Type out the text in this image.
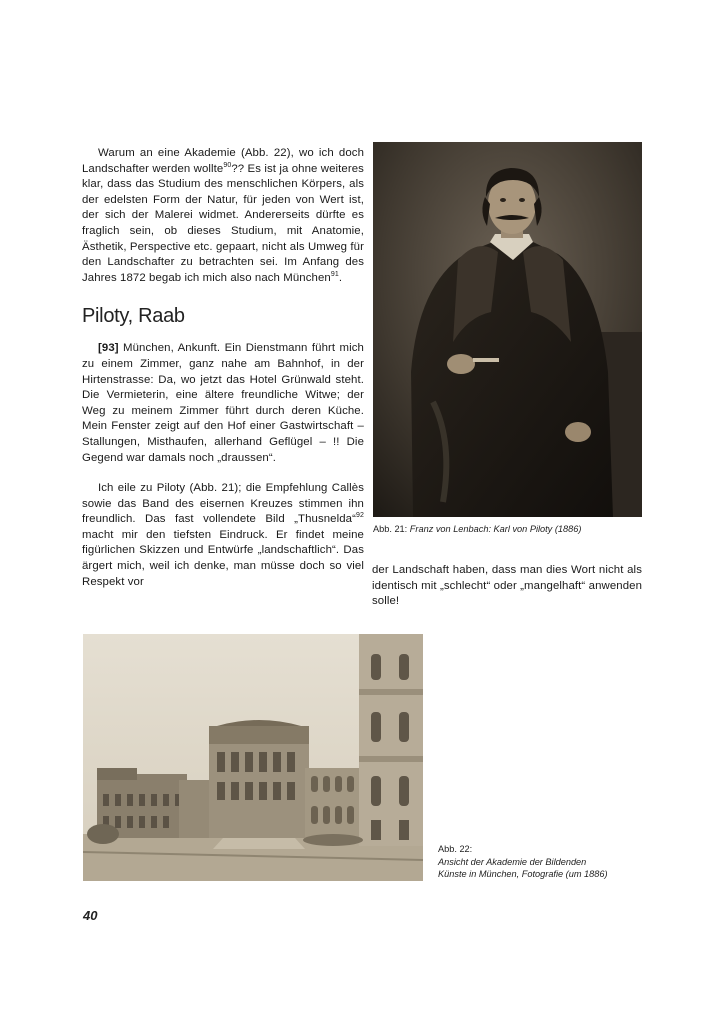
Warum an eine Akademie (Abb. 22), wo ich doch Landschafter werden wollte$^{90}$?? Es ist ja ohne weiteres klar, dass das Studium des menschlichen Körpers, als der edelsten Form der Natur, für jeden von Wert ist, der sich der Malerei widmet. Andererseits dürfte es fraglich sein, ob dieses Studium, mit Anatomie, Ästhetik, Perspective etc. gepaart, nicht als Umweg für den Landschafter zu betrachten sei. Im Anfang des Jahres 1872 begab ich mich also nach München$^{91}$.

Piloty, Raab

[93] München, Ankunft. Ein Dienstmann führt mich zu einem Zimmer, ganz nahe am Bahnhof, in der Hirtenstrasse: Da, wo jetzt das Hotel Grünwald steht. Die Vermieterin, eine ältere freundliche Witwe; der Weg zu meinem Zimmer führt durch deren Küche. Mein Fenster zeigt auf den Hof einer Gastwirtschaft – Stallungen, Misthaufen, allerhand Geflügel – !! Die Gegend war damals noch „draussen“.

Ich eile zu Piloty (Abb. 21); die Empfehlung Callès sowie das Band des eisernen Kreuzes stimmen ihn freundlich. Das fast vollendete Bild „Thusnelda“$^{92}$ macht mir den tiefsten Eindruck. Er findet meine figürlichen Skizzen und Entwürfe „landschaftlich“. Das ärgert mich, weil ich denke, man müsse doch so viel Respekt vor

Abb. 21: Franz von Lenbach: Karl von Piloty (1886)

der Landschaft haben, dass man dies Wort nicht als identisch mit „schlecht“ oder „mangelhaft“ anwenden solle!

Abb. 22:
Ansicht der Akademie der Bildenden
Künste in München, Fotografie (um 1886)
40
